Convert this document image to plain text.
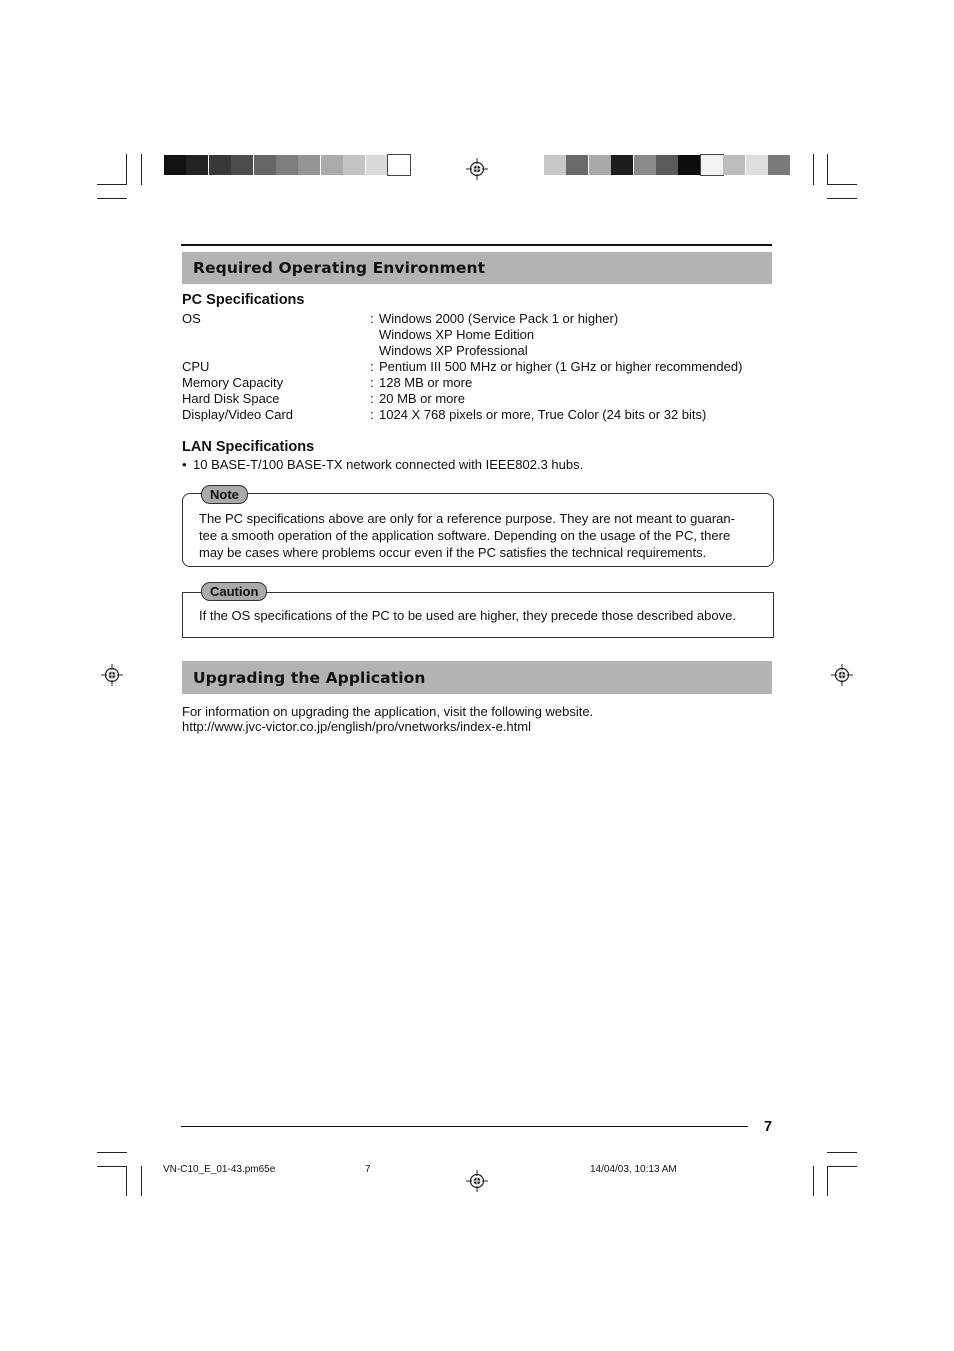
Required Operating Environment
PC Specifications
OS	: Windows 2000 (Service Pack 1 or higher)
Windows XP Home Edition
Windows XP Professional
CPU	: Pentium III 500 MHz or higher (1 GHz or higher recommended)
Memory Capacity	: 128 MB or more
Hard Disk Space	: 20 MB or more
Display/Video Card	: 1024 X 768 pixels or more, True Color (24 bits or 32 bits)
LAN Specifications
• 10 BASE-T/100 BASE-TX network connected with IEEE802.3 hubs.
Note
The PC specifications above are only for a reference purpose. They are not meant to guaran-
tee a smooth operation of the application software. Depending on the usage of the PC, there
may be cases where problems occur even if the PC satisfies the technical requirements.
Caution
If the OS specifications of the PC to be used are higher, they precede those described above.
Upgrading the Application
For information on upgrading the application, visit the following website.
http://www.jvc-victor.co.jp/english/pro/vnetworks/index-e.html
7
VN-C10_E_01-43.pm65e	7	14/04/03, 10:13 AM
